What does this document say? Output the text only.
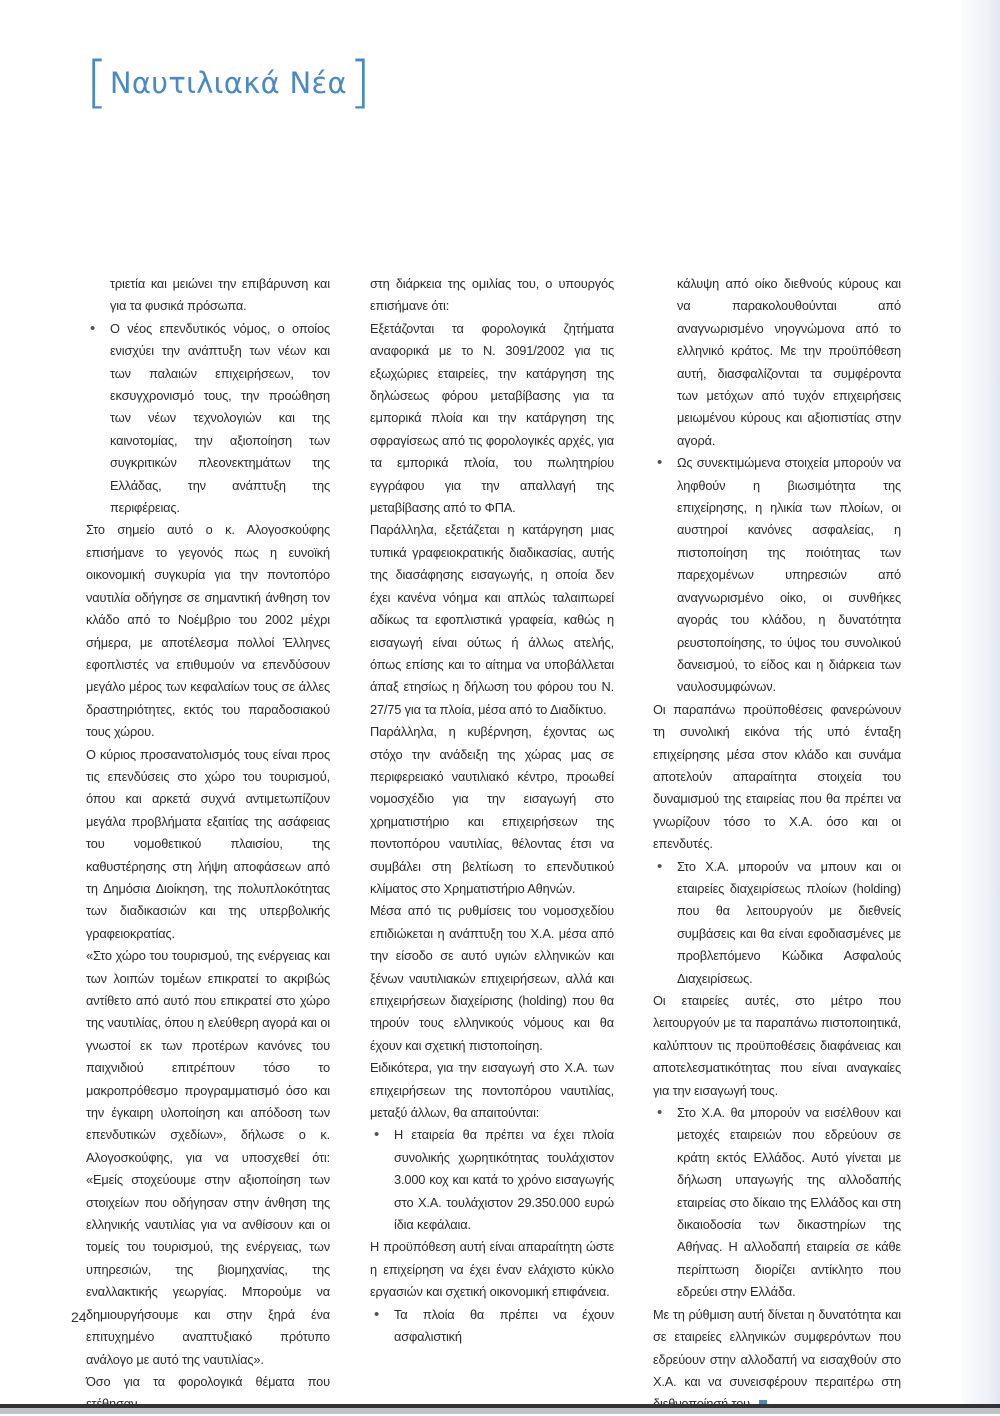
[ Ναυτιλιακά Νέα ]

τριετία και μειώνει την επιβάρυνση και για τα φυσικά πρόσωπα.

• Ο νέος επενδυτικός νόμος, ο οποίος ενισχύει την ανάπτυξη των νέων και των παλαιών επιχειρήσεων, τον εκσυγχρονισμό τους, την προώθηση των νέων τεχνολογιών και της καινοτομίας, την αξιοποίηση των συγκριτικών πλεονεκτημάτων της Ελλάδας, την ανάπτυξη της περιφέρειας.

Στο σημείο αυτό ο κ. Αλογοσκούφης επισήμανε το γεγονός πως η ευνοϊκή οικονομική συγκυρία για την ποντοπόρο ναυτιλία οδήγησε σε σημαντική άνθηση τον κλάδο από το Νοέμβριο του 2002 μέχρι σήμερα, με αποτέλεσμα πολλοί Έλληνες εφοπλιστές να επιθυμούν να επενδύσουν μεγάλο μέρος των κεφαλαίων τους σε άλλες δραστηριότητες, εκτός του παραδοσιακού τους χώρου.

Ο κύριος προσανατολισμός τους είναι προς τις επενδύσεις στο χώρο του τουρισμού, όπου και αρκετά συχνά αντιμετωπίζουν μεγάλα προβλήματα εξαιτίας της ασάφειας του νομοθετικού πλαισίου, της καθυστέρησης στη λήψη αποφάσεων από τη Δημόσια Διοίκηση, της πολυπλοκότητας των διαδικασιών και της υπερβολικής γραφειοκρατίας.

«Στο χώρο του τουρισμού, της ενέργειας και των λοιπών τομέων επικρατεί το ακριβώς αντίθετο από αυτό που επικρατεί στο χώρο της ναυτιλίας, όπου η ελεύθερη αγορά και οι γνωστοί εκ των προτέρων κανόνες του παιχνιδιού επιτρέπουν τόσο το μακροπρόθεσμο προγραμματισμό όσο και την έγκαιρη υλοποίηση και απόδοση των επενδυτικών σχεδίων», δήλωσε ο κ. Αλογοσκούφης, για να υποσχεθεί ότι: «Εμείς στοχεύουμε στην αξιοποίηση των στοιχείων που οδήγησαν στην άνθηση της ελληνικής ναυτιλίας για να ανθίσουν και οι τομείς του τουρισμού, της ενέργειας, των υπηρεσιών, της βιομηχανίας, της εναλλακτικής γεωργίας. Μπορούμε να δημιουργήσουμε και στην ξηρά ένα επιτυχημένο αναπτυξιακό πρότυπο ανάλογο με αυτό της ναυτιλίας».

Όσο για τα φορολογικά θέματα που

στη διάρκεια της ομιλίας του, ο υπουργός επισήμανε ότι:

Εξετάζονται τα φορολογικά ζητήματα αναφορικά με το Ν. 3091/2002 για τις εξωχώριες εταιρείες, την κατάργηση της δηλώσεως φόρου μεταβίβασης για τα εμπορικά πλοία και την κατάργηση της σφραγίσεως από τις φορολογικές αρχές, για τα εμπορικά πλοία, του πωλητηρίου εγγράφου για την απαλλαγή της μεταβίβασης από το ΦΠΑ.

Παράλληλα, εξετάζεται η κατάργηση μιας τυπικά γραφειοκρατικής διαδικασίας, αυτής της διασάφησης εισαγωγής, η οποία δεν έχει κανένα νόημα και απλώς ταλαιπωρεί αδίκως τα εφοπλιστικά γραφεία, καθώς η εισαγωγή είναι ούτως ή άλλως ατελής, όπως επίσης και το αίτημα να υποβάλλεται άπαξ ετησίως η δήλωση του φόρου του Ν. 27/75 για τα πλοία, μέσα από το Διαδίκτυο.

Παράλληλα, η κυβέρνηση, έχοντας ως στόχο την ανάδειξη της χώρας μας σε περιφερειακό ναυτιλιακό κέντρο, προωθεί νομοσχέδιο για την εισαγωγή στο χρηματιστήριο και επιχειρήσεων της ποντοπόρου ναυτιλίας, θέλοντας έτσι να συμβάλει στη βελτίωση το επενδυτικού κλίματος στο Χρηματιστήριο Αθηνών.

Μέσα από τις ρυθμίσεις του νομοσχεδίου επιδιώκεται η ανάπτυξη του Χ.Α. μέσα από την είσοδο σε αυτό υγιών ελληνικών και ξένων ναυτιλιακών επιχειρήσεων, αλλά και επιχειρήσεων διαχείρισης (holding) που θα τηρούν τους ελληνικούς νόμους και θα έχουν και σχετική πιστοποίηση.

Ειδικότερα, για την εισαγωγή στο Χ.Α. των επιχειρήσεων της ποντοπόρου ναυτιλίας, μεταξύ άλλων, θα απαιτούνται:

• Η εταιρεία θα πρέπει να έχει πλοία συνολικής χωρητικότητας τουλάχιστον 3.000 κοχ και κατά το χρόνο εισαγωγής στο Χ.Α. τουλάχιστον 29.350.000 ευρώ ίδια κεφάλαια.

Η προϋπόθεση αυτή είναι απαραίτητη ώστε η επιχείρηση να έχει έναν ελάχιστο κύκλο εργασιών και σχετική οικονομική επιφάνεια.

• Τα πλοία θα πρέπει να έχουν ασφαλιστική

κάλυψη από οίκο διεθνούς κύρους και να παρακολουθούνται από αναγνωρισμένο νηογνώμονα από το ελληνικό κράτος. Με την προϋπόθεση αυτή, διασφαλίζονται τα συμφέροντα των μετόχων από τυχόν επιχειρήσεις μειωμένου κύρους και αξιοπιστίας στην αγορά.

• Ως συνεκτιμώμενα στοιχεία μπορούν να ληφθούν η βιωσιμότητα της επιχείρησης, η ηλικία των πλοίων, οι αυστηροί κανόνες ασφαλείας, η πιστοποίηση της ποιότητας των παρεχομένων υπηρεσιών από αναγνωρισμένο οίκο, οι συνθήκες αγοράς του κλάδου, η δυνατότητα ρευστοποίησης, το ύψος του συνολικού δανεισμού, το είδος και η διάρκεια των ναυλοσυμφώνων.

Οι παραπάνω προϋποθέσεις φανερώνουν τη συνολική εικόνα τής υπό ένταξη επιχείρησης μέσα στον κλάδο και συνάμα αποτελούν απαραίτητα στοιχεία του δυναμισμού της εταιρείας που θα πρέπει να γνωρίζουν τόσο το Χ.Α. όσο και οι επενδυτές.

• Στο Χ.Α. μπορούν να μπουν και οι εταιρείες διαχειρίσεως πλοίων (holding) που θα λειτουργούν με διεθνείς συμβάσεις και θα είναι εφοδιασμένες με προβλεπόμενο Κώδικα Ασφαλούς Διαχειρίσεως.

Οι εταιρείες αυτές, στο μέτρο που λειτουργούν με τα παραπάνω πιστοποιητικά, καλύπτουν τις προϋποθέσεις διαφάνειας και αποτελεσματικότητας που είναι αναγκαίες για την εισαγωγή τους.

• Στο Χ.Α. θα μπορούν να εισέλθουν και μετοχές εταιρειών που εδρεύουν σε κράτη εκτός Ελλάδος. Αυτό γίνεται με δήλωση υπαγωγής της αλλοδαπής εταιρείας στο δίκαιο της Ελλάδος και στη δικαιοδοσία των δικαστηρίων της Αθήνας. Η αλλοδαπή εταιρεία σε κάθε περίπτωση διορίζει αντίκλητο που εδρεύει στην Ελλάδα.

Με τη ρύθμιση αυτή δίνεται η δυνατότητα και σε εταιρείες ελληνικών συμφερόντων που εδρεύουν στην αλλοδαπή να εισαχθούν στο Χ.Α. και να συνεισφέρουν περαιτέρω στη

24
